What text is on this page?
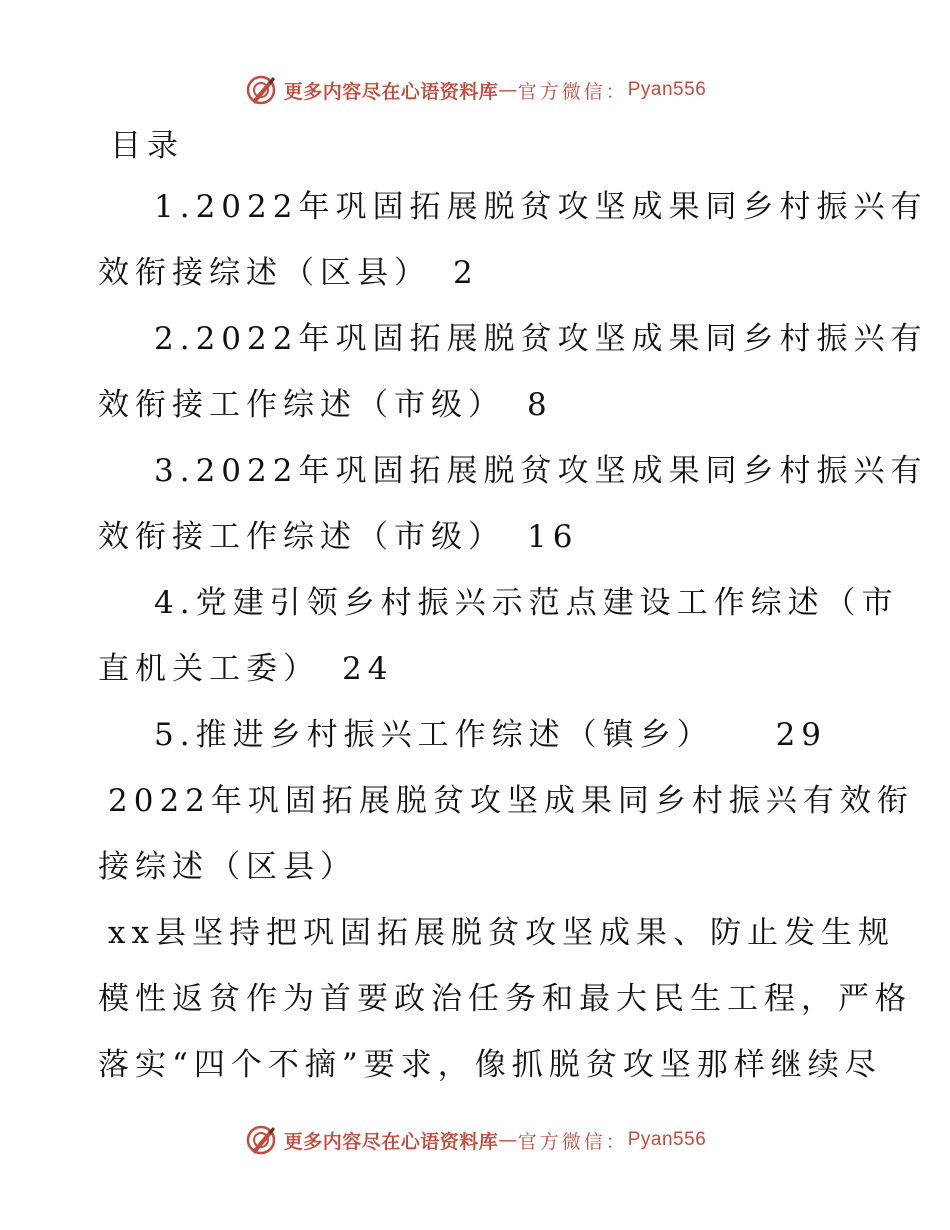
更多内容尽在心语资料库 — 官方微信： Pyan556
目录
1.2022年巩固拓展脱贫攻坚成果同乡村振兴有
效衔接综述（区县） 2
2.2022年巩固拓展脱贫攻坚成果同乡村振兴有
效衔接工作综述（市级） 8
3.2022年巩固拓展脱贫攻坚成果同乡村振兴有
效衔接工作综述（市级） 16
4.党建引领乡村振兴示范点建设工作综述（市
直机关工委） 24
5.推进乡村振兴工作综述（镇乡） 29
2022年巩固拓展脱贫攻坚成果同乡村振兴有效衔
接综述（区县）
xx县坚持把巩固拓展脱贫攻坚成果、防止发生规
模性返贫作为首要政治任务和最大民生工程，严格
落实“四个不摘”要求，像抓脱贫攻坚那样继续尽
更多内容尽在心语资料库 — 官方微信： Pyan556
